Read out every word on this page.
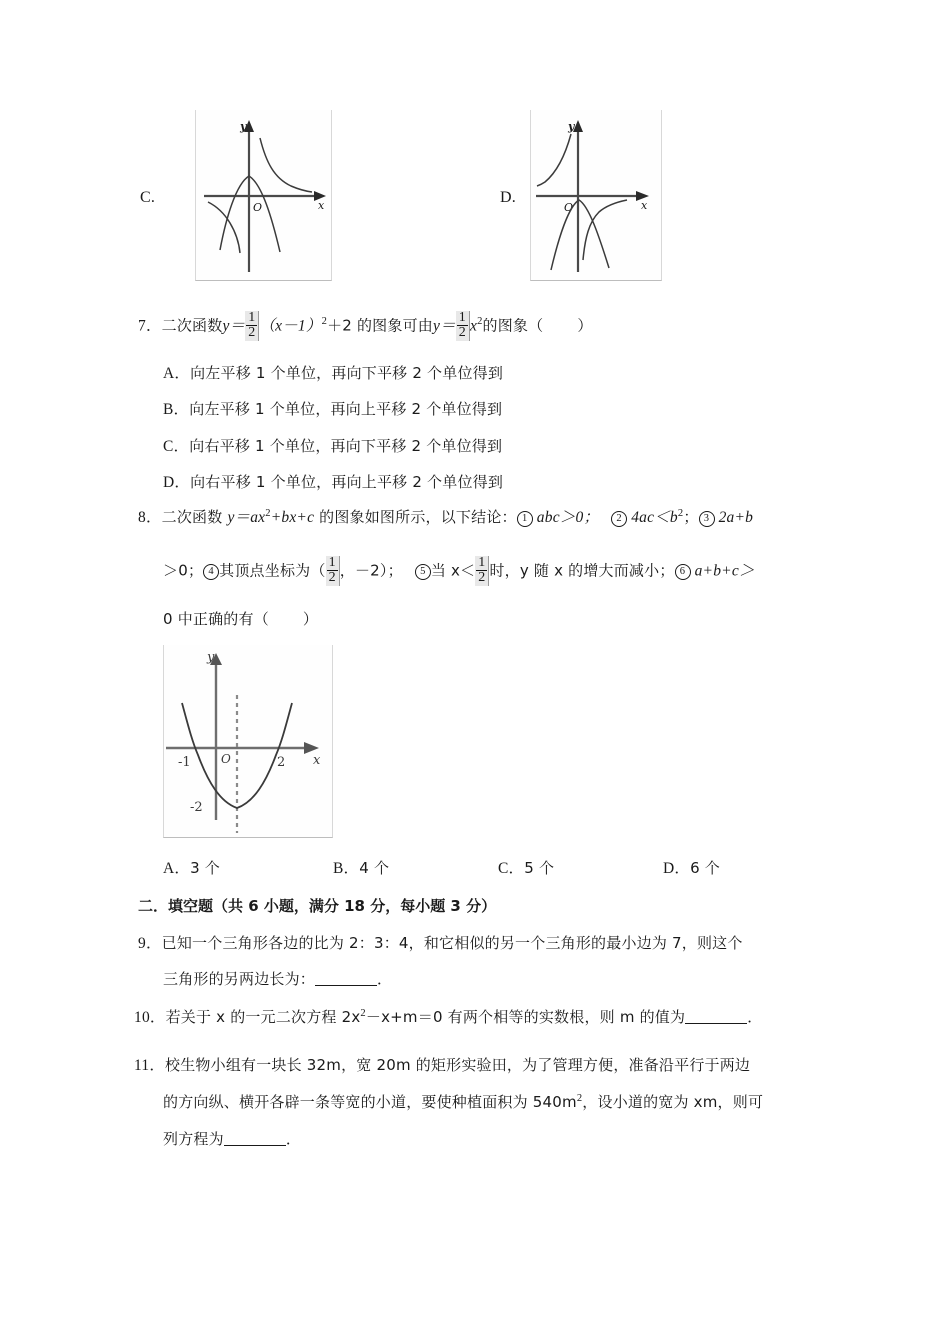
C.
y
x
O
D.
y
x
O
7．二次函数$y= \frac{1}{2} (x-1)^2+2$ 的图象可由$y= \frac{1}{2} x^2$的图象（ ）
A．向左平移 1 个单位，再向下平移 2 个单位得到
B．向左平移 1 个单位，再向上平移 2 个单位得到
C．向右平移 1 个单位，再向下平移 2 个单位得到
D．向右平移 1 个单位，再向上平移 2 个单位得到
8．二次函数 $y=ax^2+bx+c$ 的图象如图所示，以下结论： 1 abc＞0； 2 $4ac<b^2$； 3 2a+b
＞0； 4 其顶点坐标为（ $\frac{1}{2}$ ，－2）； 5 当 $x< \frac{1}{2}$ 时，y 随 x 的增大而减小； 6 a+b+c＞
0 中正确的有（ ）
y
x
O
-1	2
-2
A．3 个	B．4 个	C．5 个	D．6 个
二．填空题（共 6 小题，满分 18 分，每小题 3 分）
9．已知一个三角形各边的比为 2：3：4，和它相似的另一个三角形的最小边为 7，则这个
三角形的另两边长为：	．
10．若关于 x 的一元二次方程 $2x^2-x+m=0$ 有两个相等的实数根，则 m 的值为	．
11．校生物小组有一块长 32m，宽 20m 的矩形实验田，为了管理方便，准备沿平行于两边
的方向纵、横开各辟一条等宽的小道，要使种植面积为 $540m^2$，设小道的宽为 xm，则可
列方程为	．
